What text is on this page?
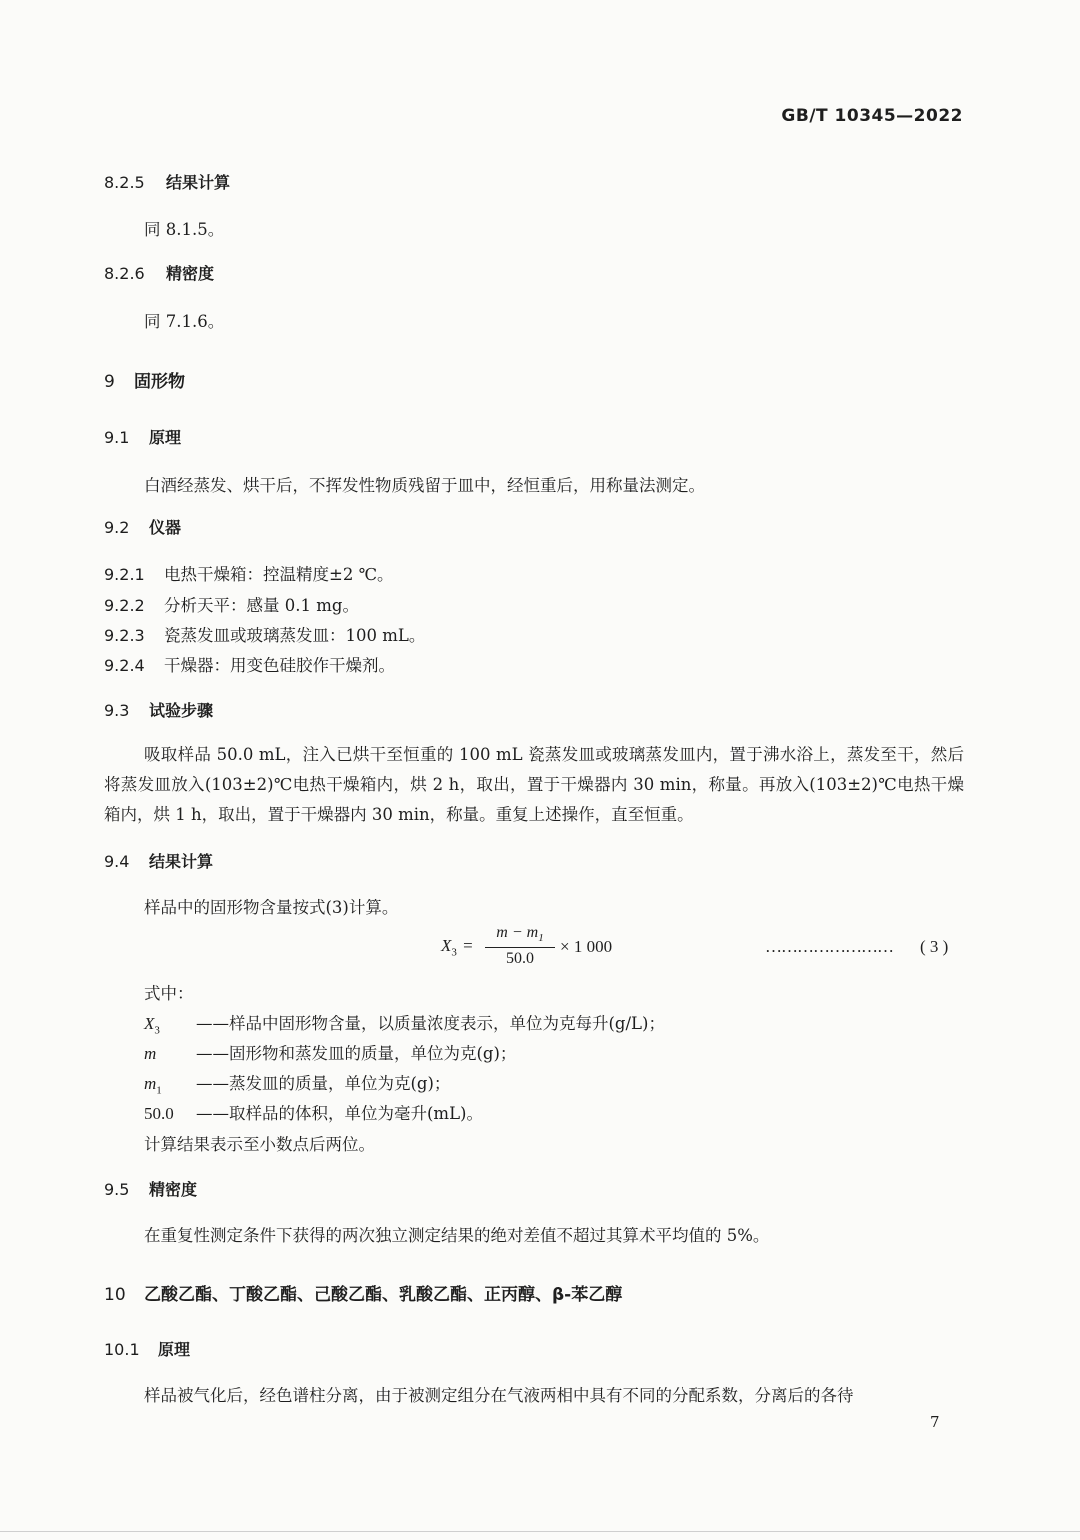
GB/T 10345—2022
8.2.5 结果计算
同 8.1.5。
8.2.6 精密度
同 7.1.6。
9 固形物
9.1 原理
白酒经蒸发、烘干后，不挥发性物质残留于皿中，经恒重后，用称量法测定。
9.2 仪器
9.2.1 电热干燥箱：控温精度±2 ℃。
9.2.2 分析天平：感量 0.1 mg。
9.2.3 瓷蒸发皿或玻璃蒸发皿：100 mL。
9.2.4 干燥器：用变色硅胶作干燥剂。
9.3 试验步骤
吸取样品 50.0 mL，注入已烘干至恒重的 100 mL 瓷蒸发皿或玻璃蒸发皿内，置于沸水浴上，蒸发至干，然后将蒸发皿放入(103±2)℃电热干燥箱内，烘 2 h，取出，置于干燥器内 30 min，称量。再放入(103±2)℃电热干燥箱内，烘 1 h，取出，置于干燥器内 30 min，称量。重复上述操作，直至恒重。
9.4 结果计算
样品中的固形物含量按式(3)计算。
$X_3$ =
$m - m_1$
50.0
× 1 000	…………………… ( 3 )
式中：
$X_3$ ——样品中固形物含量，以质量浓度表示，单位为克每升(g/L)；
m ——固形物和蒸发皿的质量，单位为克(g)；
$m_1$ ——蒸发皿的质量，单位为克(g)；
50.0 ——取样品的体积，单位为毫升(mL)。
计算结果表示至小数点后两位。
9.5 精密度
在重复性测定条件下获得的两次独立测定结果的绝对差值不超过其算术平均值的 5%。
10 乙酸乙酯、丁酸乙酯、己酸乙酯、乳酸乙酯、正丙醇、β-苯乙醇
10.1 原理
样品被气化后，经色谱柱分离，由于被测定组分在气液两相中具有不同的分配系数，分离后的各待
7
